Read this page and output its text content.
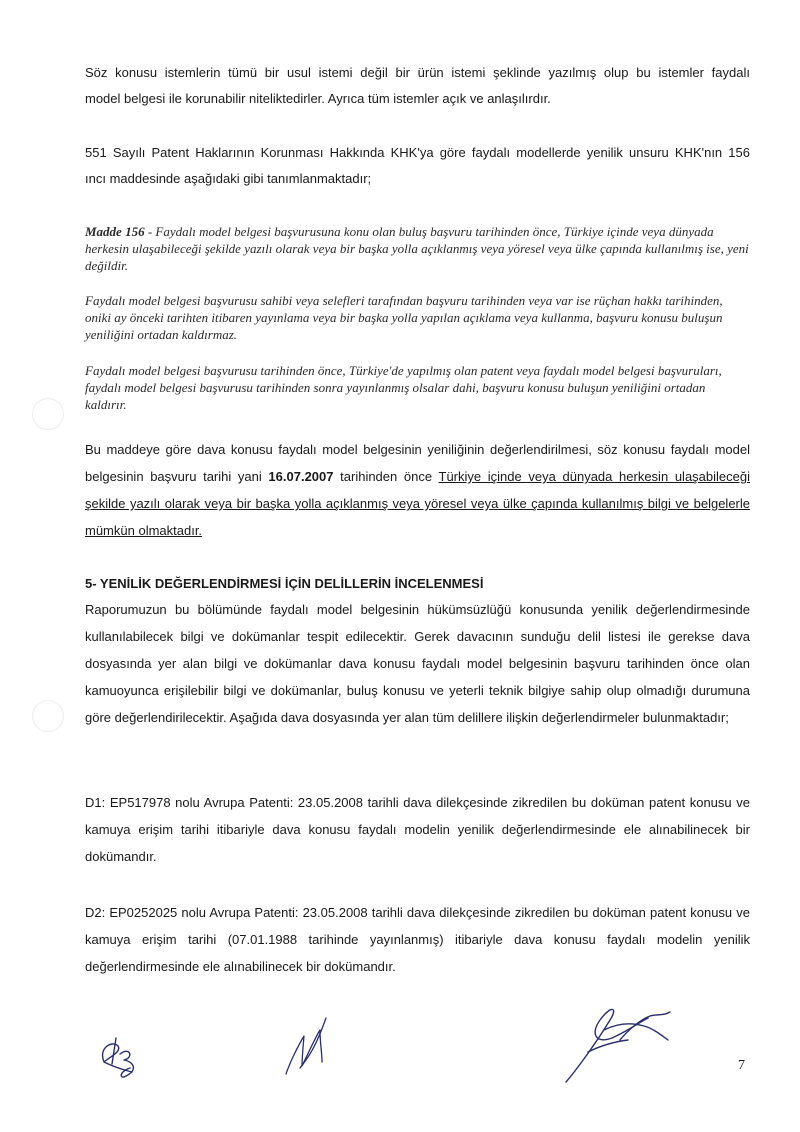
Söz konusu istemlerin tümü bir usul istemi değil bir ürün istemi şeklinde yazılmış olup bu istemler faydalı
model belgesi ile korunabilir niteliktedirler. Ayrıca tüm istemler açık ve anlaşılırdır.
551 Sayılı Patent Haklarının Korunması Hakkında KHK'ya göre faydalı modellerde yenilik unsuru KHK'nın 156
ıncı maddesinde aşağıdaki gibi tanımlanmaktadır;
Madde 156 - Faydalı model belgesi başvurusuna konu olan buluş başvuru tarihinden önce, Türkiye içinde veya dünyada herkesin ulaşabileceği şekilde yazılı olarak veya bir başka yolla açıklanmış veya yöresel veya ülke çapında kullanılmış ise, yeni değildir.
Faydalı model belgesi başvurusu sahibi veya selefleri tarafından başvuru tarihinden veya var ise rüçhan hakkı tarihinden, oniki ay önceki tarihten itibaren yayınlama veya bir başka yolla yapılan açıklama veya kullanma, başvuru konusu buluşun yeniliğini ortadan kaldırmaz.
Faydalı model belgesi başvurusu tarihinden önce, Türkiye'de yapılmış olan patent veya faydalı model belgesi başvuruları, faydalı model belgesi başvurusu tarihinden sonra yayınlanmış olsalar dahi, başvuru konusu buluşun yeniliğini ortadan kaldırır.
Bu maddeye göre dava konusu faydalı model belgesinin yeniliğinin değerlendirilmesi, söz konusu faydalı model belgesinin başvuru tarihi yani 16.07.2007 tarihinden önce Türkiye içinde veya dünyada herkesin ulaşabileceği şekilde yazılı olarak veya bir başka yolla açıklanmış veya yöresel veya ülke çapında kullanılmış bilgi ve belgelerle mümkün olmaktadır.
5- YENİLİK DEĞERLENDİRMESİ İÇİN DELİLLERİN İNCELENMESİ
Raporumuzun bu bölümünde faydalı model belgesinin hükümsüzlüğü konusunda yenilik değerlendirmesinde kullanılabilecek bilgi ve dokümanlar tespit edilecektir. Gerek davacının sunduğu delil listesi ile gerekse dava dosyasında yer alan bilgi ve dokümanlar dava konusu faydalı model belgesinin başvuru tarihinden önce olan kamuoyunca erişilebilir bilgi ve dokümanlar, buluş konusu ve yeterli teknik bilgiye sahip olup olmadığı durumuna göre değerlendirilecektir. Aşağıda dava dosyasında yer alan tüm delillere ilişkin değerlendirmeler bulunmaktadır;
D1: EP517978 nolu Avrupa Patenti: 23.05.2008 tarihli dava dilekçesinde zikredilen bu doküman patent konusu ve kamuya erişim tarihi itibariyle dava konusu faydalı modelin yenilik değerlendirmesinde ele alınabilinecek bir dokümandır.
D2: EP0252025 nolu Avrupa Patenti: 23.05.2008 tarihli dava dilekçesinde zikredilen bu doküman patent konusu ve kamuya erişim tarihi (07.01.1988 tarihinde yayınlanmış) itibariyle dava konusu faydalı modelin yenilik değerlendirmesinde ele alınabilinecek bir dokümandır.
7
